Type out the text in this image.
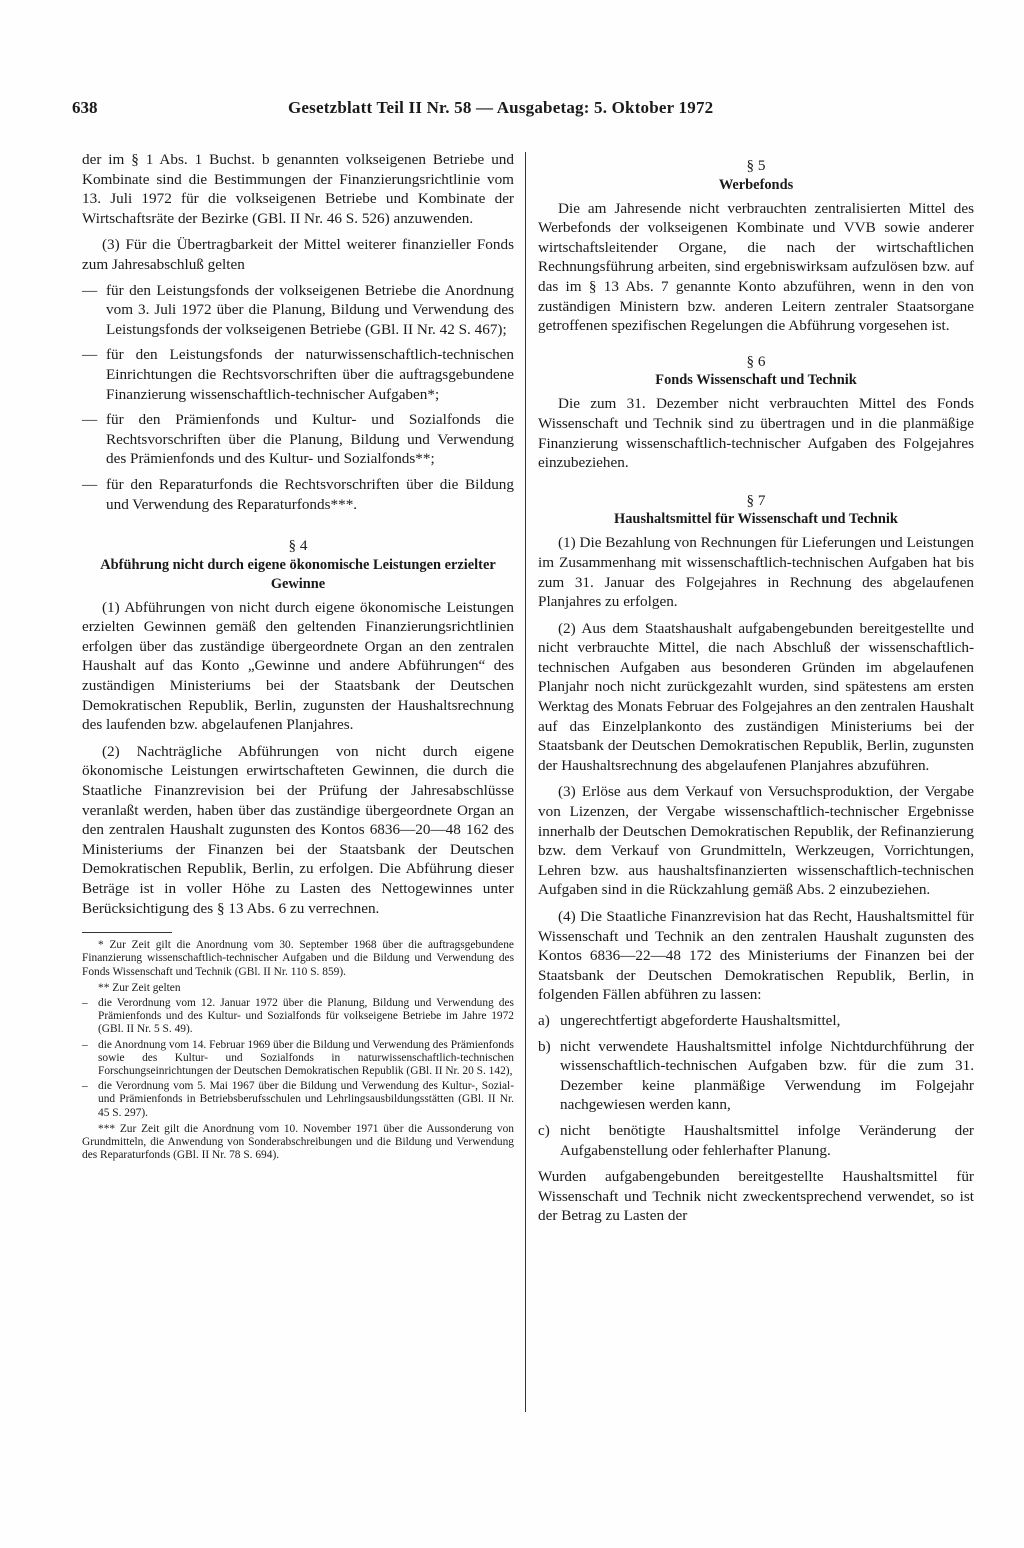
638	Gesetzblatt Teil II Nr. 58 — Ausgabetag: 5. Oktober 1972

der im § 1 Abs. 1 Buchst. b genannten volkseigenen Betriebe und Kombinate sind die Bestimmungen der Finanzierungsrichtlinie vom 13. Juli 1972 für die volkseigenen Betriebe und Kombinate der Wirtschaftsräte der Bezirke (GBl. II Nr. 46 S. 526) anzuwenden.

(3) Für die Übertragbarkeit der Mittel weiterer finanzieller Fonds zum Jahresabschluß gelten

— für den Leistungsfonds der volkseigenen Betriebe die Anordnung vom 3. Juli 1972 über die Planung, Bildung und Verwendung des Leistungsfonds der volkseigenen Betriebe (GBl. II Nr. 42 S. 467);

— für den Leistungsfonds der naturwissenschaftlich-technischen Einrichtungen die Rechtsvorschriften über die auftragsgebundene Finanzierung wissenschaftlich-technischer Aufgaben*;

— für den Prämienfonds und Kultur- und Sozialfonds die Rechtsvorschriften über die Planung, Bildung und Verwendung des Prämienfonds und des Kultur- und Sozialfonds**;

— für den Reparaturfonds die Rechtsvorschriften über die Bildung und Verwendung des Reparaturfonds***.

§ 4
Abführung nicht durch eigene ökonomische Leistungen erzielter Gewinne

(1) Abführungen von nicht durch eigene ökonomische Leistungen erzielten Gewinnen gemäß den geltenden Finanzierungsrichtlinien erfolgen über das zuständige übergeordnete Organ an den zentralen Haushalt auf das Konto „Gewinne und andere Abführungen“ des zuständigen Ministeriums bei der Staatsbank der Deutschen Demokratischen Republik, Berlin, zugunsten der Haushaltsrechnung des laufenden bzw. abgelaufenen Planjahres.

(2) Nachträgliche Abführungen von nicht durch eigene ökonomische Leistungen erwirtschafteten Gewinnen, die durch die Staatliche Finanzrevision bei der Prüfung der Jahresabschlüsse veranlaßt werden, haben über das zuständige übergeordnete Organ an den zentralen Haushalt zugunsten des Kontos 6836—20—48 162 des Ministeriums der Finanzen bei der Staatsbank der Deutschen Demokratischen Republik, Berlin, zu erfolgen. Die Abführung dieser Beträge ist in voller Höhe zu Lasten des Nettogewinnes unter Berücksichtigung des § 13 Abs. 6 zu verrechnen.

* Zur Zeit gilt die Anordnung vom 30. September 1968 über die auftragsgebundene Finanzierung wissenschaftlich-technischer Aufgaben und die Bildung und Verwendung des Fonds Wissenschaft und Technik (GBl. II Nr. 110 S. 859).

** Zur Zeit gelten

– die Verordnung vom 12. Januar 1972 über die Planung, Bildung und Verwendung des Prämienfonds und des Kultur- und Sozialfonds für volkseigene Betriebe im Jahre 1972 (GBl. II Nr. 5 S. 49).

– die Anordnung vom 14. Februar 1969 über die Bildung und Verwendung des Prämienfonds sowie des Kultur- und Sozialfonds in naturwissenschaftlich-technischen Forschungseinrichtungen der Deutschen Demokratischen Republik (GBl. II Nr. 20 S. 142),

– die Verordnung vom 5. Mai 1967 über die Bildung und Verwendung des Kultur-, Sozial- und Prämienfonds in Betriebsberufsschulen und Lehrlingsausbildungsstätten (GBl. II Nr. 45 S. 297).

*** Zur Zeit gilt die Anordnung vom 10. November 1971 über die Aussonderung von Grundmitteln, die Anwendung von Sonderabschreibungen und die Bildung und Verwendung des Reparaturfonds (GBl. II Nr. 78 S. 694).

§ 5
Werbefonds

Die am Jahresende nicht verbrauchten zentralisierten Mittel des Werbefonds der volkseigenen Kombinate und VVB sowie anderer wirtschaftsleitender Organe, die nach der wirtschaftlichen Rechnungsführung arbeiten, sind ergebniswirksam aufzulösen bzw. auf das im § 13 Abs. 7 genannte Konto abzuführen, wenn in den von zuständigen Ministern bzw. anderen Leitern zentraler Staatsorgane getroffenen spezifischen Regelungen die Abführung vorgesehen ist.

§ 6
Fonds Wissenschaft und Technik

Die zum 31. Dezember nicht verbrauchten Mittel des Fonds Wissenschaft und Technik sind zu übertragen und in die planmäßige Finanzierung wissenschaftlich-technischer Aufgaben des Folgejahres einzubeziehen.

§ 7
Haushaltsmittel für Wissenschaft und Technik

(1) Die Bezahlung von Rechnungen für Lieferungen und Leistungen im Zusammenhang mit wissenschaftlich-technischen Aufgaben hat bis zum 31. Januar des Folgejahres in Rechnung des abgelaufenen Planjahres zu erfolgen.

(2) Aus dem Staatshaushalt aufgabengebunden bereitgestellte und nicht verbrauchte Mittel, die nach Abschluß der wissenschaftlich-technischen Aufgaben aus besonderen Gründen im abgelaufenen Planjahr noch nicht zurückgezahlt wurden, sind spätestens am ersten Werktag des Monats Februar des Folgejahres an den zentralen Haushalt auf das Einzelplankonto des zuständigen Ministeriums bei der Staatsbank der Deutschen Demokratischen Republik, Berlin, zugunsten der Haushaltsrechnung des abgelaufenen Planjahres abzuführen.

(3) Erlöse aus dem Verkauf von Versuchsproduktion, der Vergabe von Lizenzen, der Vergabe wissenschaftlich-technischer Ergebnisse innerhalb der Deutschen Demokratischen Republik, der Refinanzierung bzw. dem Verkauf von Grundmitteln, Werkzeugen, Vorrichtungen, Lehren bzw. aus haushaltsfinanzierten wissenschaftlich-technischen Aufgaben sind in die Rückzahlung gemäß Abs. 2 einzubeziehen.

(4) Die Staatliche Finanzrevision hat das Recht, Haushaltsmittel für Wissenschaft und Technik an den zentralen Haushalt zugunsten des Kontos 6836—22—48 172 des Ministeriums der Finanzen bei der Staatsbank der Deutschen Demokratischen Republik, Berlin, in folgenden Fällen abführen zu lassen:

a) ungerechtfertigt abgeforderte Haushaltsmittel,

b) nicht verwendete Haushaltsmittel infolge Nichtdurchführung der wissenschaftlich-technischen Aufgaben bzw. für die zum 31. Dezember keine planmäßige Verwendung im Folgejahr nachgewiesen werden kann,

c) nicht benötigte Haushaltsmittel infolge Veränderung der Aufgabenstellung oder fehlerhafter Planung.

Wurden aufgabengebunden bereitgestellte Haushaltsmittel für Wissenschaft und Technik nicht zweckentsprechend verwendet, so ist der Betrag zu Lasten der
